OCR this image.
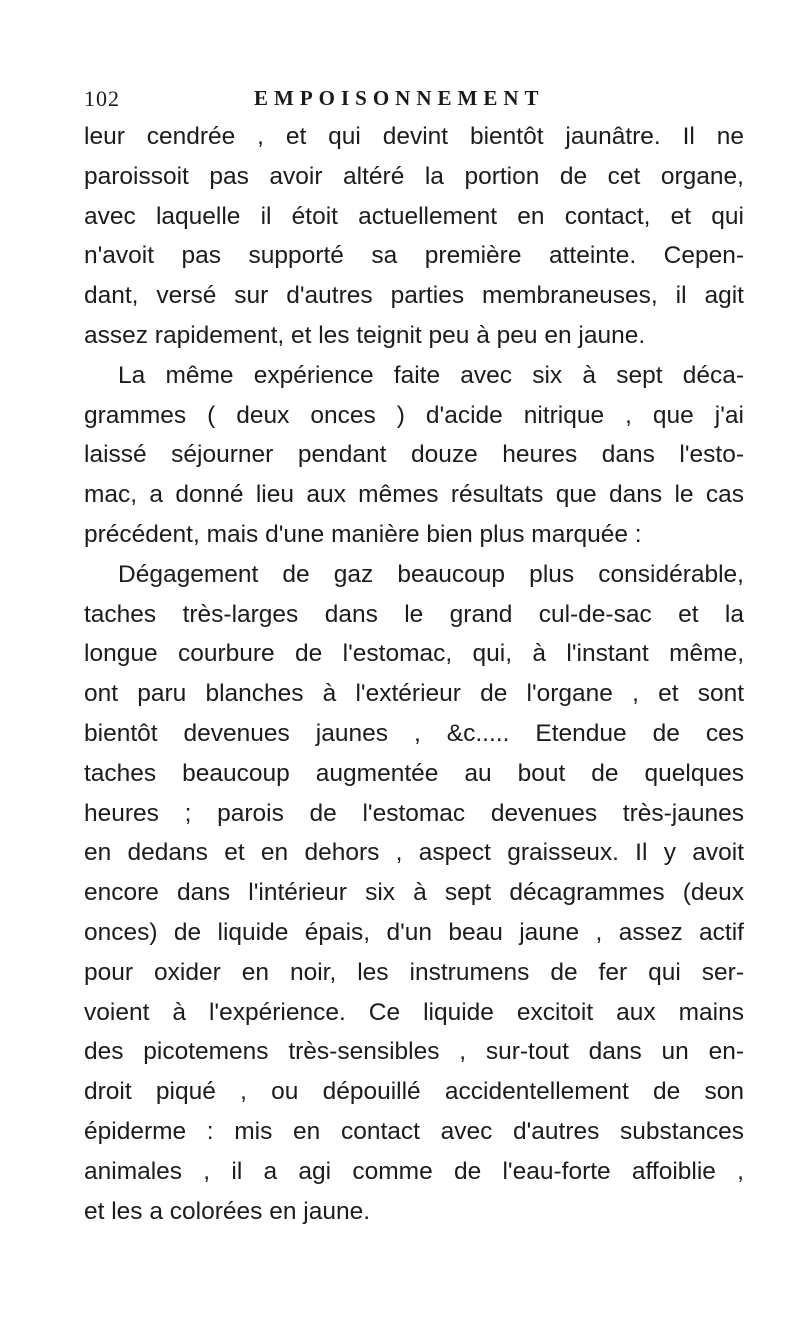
102	EMPOISONNEMENT
leur cendrée , et qui devint bientôt jaunâtre. Il ne
paroissoit pas avoir altéré la portion de cet organe,
avec laquelle il étoit actuellement en contact, et qui
n'avoit pas supporté sa première atteinte. Cepen-
dant, versé sur d'autres parties membraneuses, il agit
assez rapidement, et les teignit peu à peu en jaune.
La même expérience faite avec six à sept déca-
grammes ( deux onces ) d'acide nitrique , que j'ai
laissé séjourner pendant douze heures dans l'esto-
mac, a donné lieu aux mêmes résultats que dans le cas
précédent, mais d'une manière bien plus marquée :
Dégagement de gaz beaucoup plus considérable,
taches très-larges dans le grand cul-de-sac et la
longue courbure de l'estomac, qui, à l'instant même,
ont paru blanches à l'extérieur de l'organe , et sont
bientôt devenues jaunes , &c..... Etendue de ces
taches beaucoup augmentée au bout de quelques
heures ; parois de l'estomac devenues très-jaunes
en dedans et en dehors , aspect graisseux. Il y avoit
encore dans l'intérieur six à sept décagrammes (deux
onces) de liquide épais, d'un beau jaune , assez actif
pour oxider en noir, les instrumens de fer qui ser-
voient à l'expérience. Ce liquide excitoit aux mains
des picotemens très-sensibles , sur-tout dans un en-
droit piqué , ou dépouillé accidentellement de son
épiderme : mis en contact avec d'autres substances
animales , il a agi comme de l'eau-forte affoiblie ,
et les a colorées en jaune.
